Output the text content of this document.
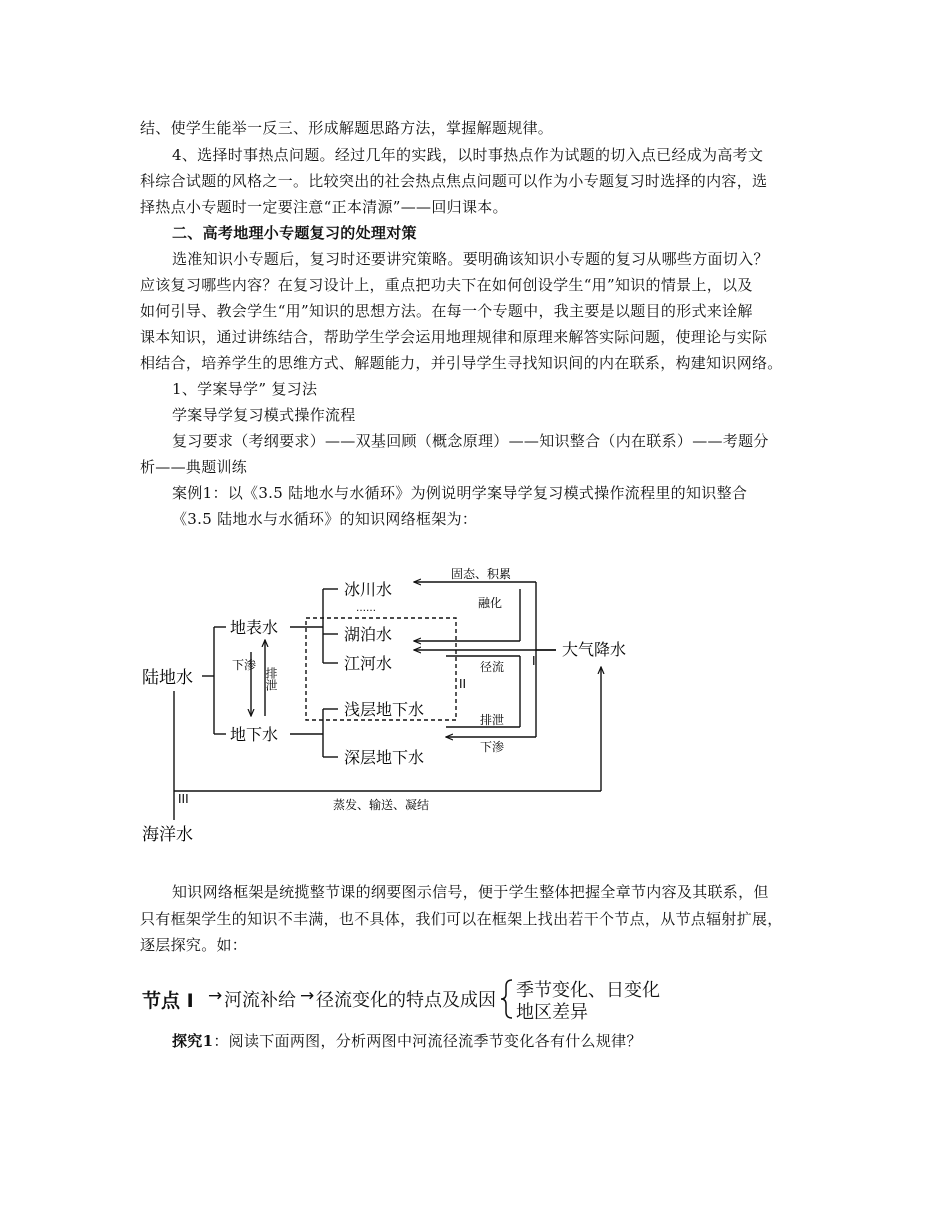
结、使学生能举一反三、形成解题思路方法，掌握解题规律。
4、选择时事热点问题。经过几年的实践，以时事热点作为试题的切入点已经成为高考文
科综合试题的风格之一。比较突出的社会热点焦点问题可以作为小专题复习时选择的内容，选
择热点小专题时一定要注意“正本清源”——回归课本。
二、高考地理小专题复习的处理对策
选准知识小专题后，复习时还要讲究策略。要明确该知识小专题的复习从哪些方面切入？
应该复习哪些内容？在复习设计上，重点把功夫下在如何创设学生“用”知识的情景上，以及
如何引导、教会学生“用”知识的思想方法。在每一个专题中，我主要是以题目的形式来诠解
课本知识，通过讲练结合，帮助学生学会运用地理规律和原理来解答实际问题，使理论与实际
相结合，培养学生的思维方式、解题能力，并引导学生寻找知识间的内在联系，构建知识网络。
1、学案导学” 复习法
学案导学复习模式操作流程
复习要求（考纲要求）——双基回顾（概念原理）——知识整合（内在联系）——考题分
析——典题训练
案例1：以《3.5 陆地水与水循环》为例说明学案导学复习模式操作流程里的知识整合
《3.5 陆地水与水循环》的知识网络框架为：
陆地水
地表水
地下水
冰川水
……
湖泊水
江河水
浅层地下水
深层地下水
大气降水
海洋水
下渗
排泄
固态、积累
融化
径流
排泄
下渗
蒸发、输送、凝结
I
II
III
知识网络框架是统揽整节课的纲要图示信号，便于学生整体把握全章节内容及其联系，但
只有框架学生的知识不丰满，也不具体，我们可以在框架上找出若干个节点，从节点辐射扩展，
逐层探究。如：
节点 Ⅰ → 河流补给 → 径流变化的特点及成因 季节变化、日变化
地区差异
探究1：阅读下面两图，分析两图中河流径流季节变化各有什么规律？
